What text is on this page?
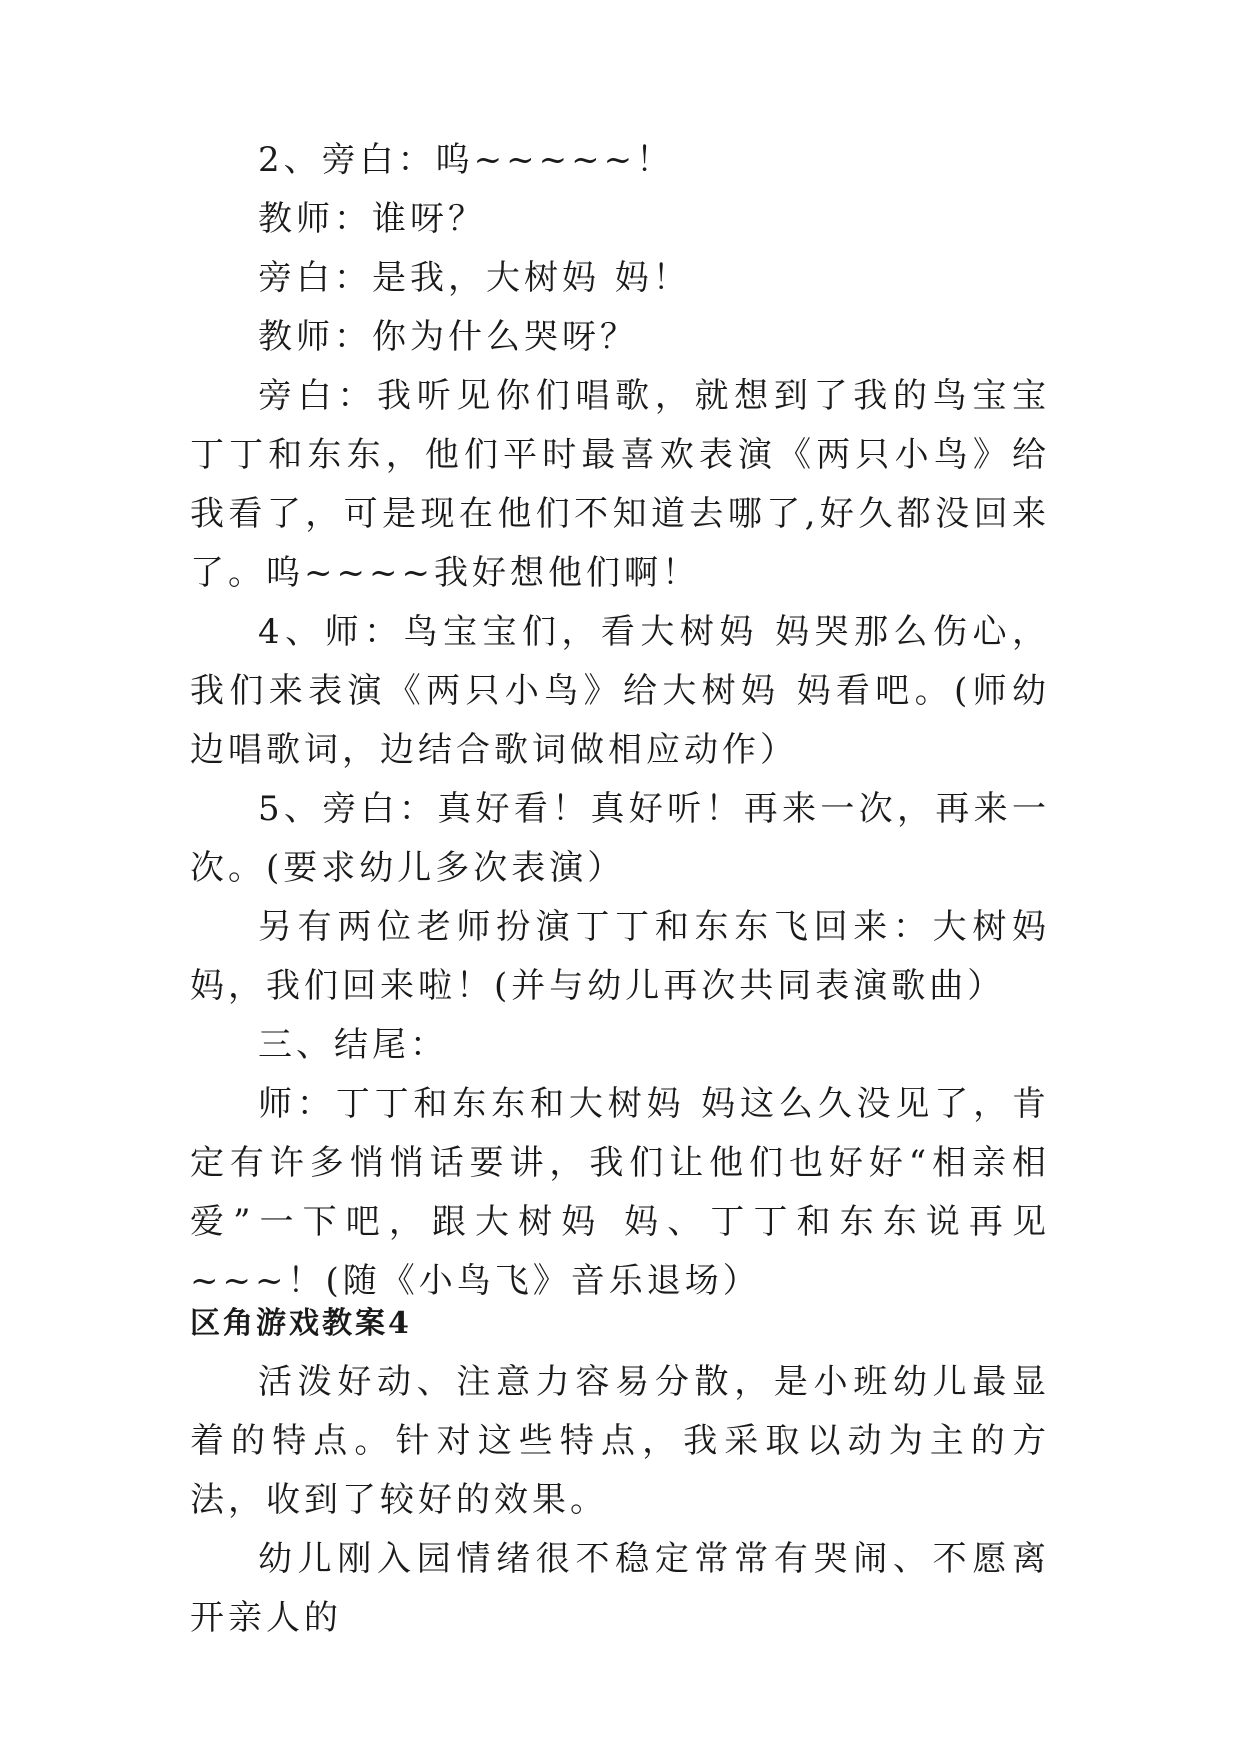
2、旁白：呜~~~~~！

教师：谁呀？

旁白：是我，大树妈 妈！

教师：你为什么哭呀？

旁白：我听见你们唱歌，就想到了我的鸟宝宝丁丁和东东，他们平时最喜欢表演《两只小鸟》给我看了，可是现在他们不知道去哪了,好久都没回来了。呜~~~~我好想他们啊！

4、师：鸟宝宝们，看大树妈 妈哭那么伤心，我们来表演《两只小鸟》给大树妈 妈看吧。(师幼边唱歌词，边结合歌词做相应动作）

5、旁白：真好看！真好听！再来一次，再来一次。(要求幼儿多次表演）

另有两位老师扮演丁丁和东东飞回来：大树妈 妈，我们回来啦！(并与幼儿再次共同表演歌曲）

三、结尾：

师：丁丁和东东和大树妈 妈这么久没见了，肯定有许多悄悄话要讲，我们让他们也好好“相亲相爱”一下吧，跟大树妈 妈、丁丁和东东说再见~~~！(随《小鸟飞》音乐退场）

区角游戏教案4

活泼好动、注意力容易分散，是小班幼儿最显着的特点。针对这些特点，我采取以动为主的方法，收到了较好的效果。

幼儿刚入园情绪很不稳定常常有哭闹、不愿离开亲人的
